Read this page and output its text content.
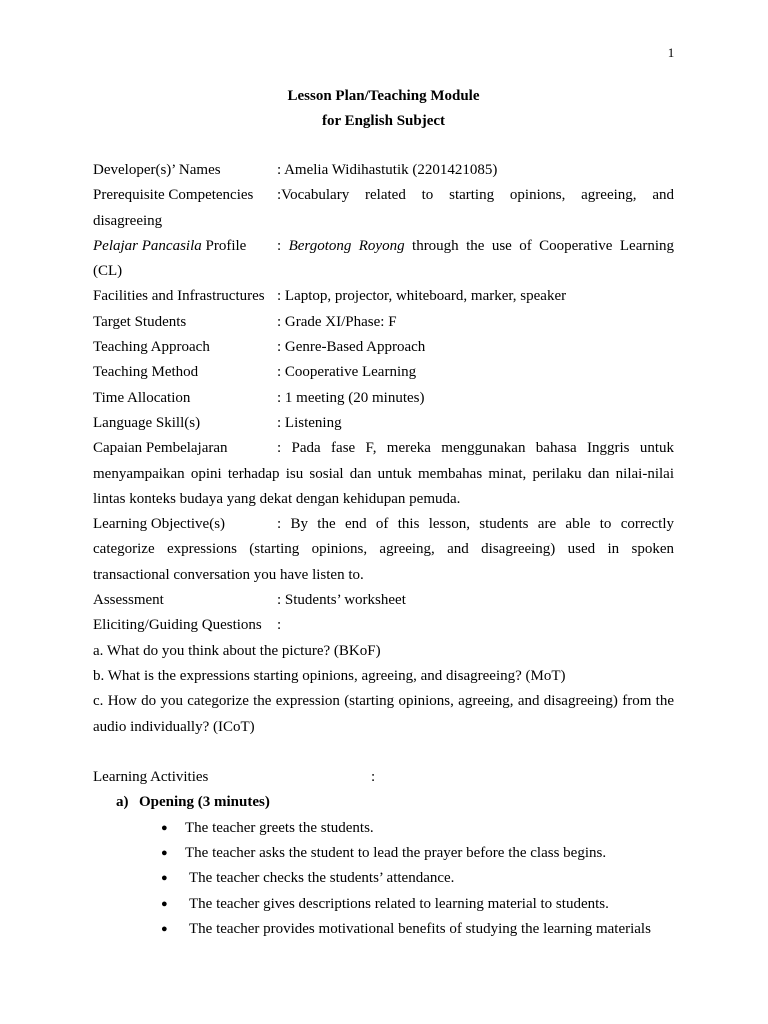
1
Lesson Plan/Teaching Module
for English Subject
Developer(s)’ Names	: Amelia Widihastutik (2201421085)
Prerequisite Competencies	:Vocabulary related to starting opinions, agreeing, and
disagreeing
Pelajar Pancasila Profile	: Bergotong Royong through the use of Cooperative Learning
(CL)
Facilities and Infrastructures : Laptop, projector, whiteboard, marker, speaker
Target Students	: Grade XI/Phase: F
Teaching Approach	: Genre-Based Approach
Teaching Method	: Cooperative Learning
Time Allocation	: 1 meeting (20 minutes)
Language Skill(s)	: Listening
Capaian Pembelajaran	: Pada fase F, mereka menggunakan bahasa Inggris untuk
menyampaikan opini terhadap isu sosial dan untuk membahas minat, perilaku dan nilai-nilai lintas konteks budaya yang dekat dengan kehidupan pemuda.
Learning Objective(s)	: By the end of this lesson, students are able to correctly
categorize expressions (starting opinions, agreeing, and disagreeing) used in spoken transactional conversation you have listen to.
Assessment	: Students’ worksheet
Eliciting/Guiding Questions	:
a. What do you think about the picture? (BKoF)
b. What is the expressions starting opinions, agreeing, and disagreeing? (MoT)
c. How do you categorize the expression (starting opinions, agreeing, and disagreeing) from the audio individually? (ICoT)
Learning Activities	:
a) Opening (3 minutes)
●	The teacher greets the students.
●	The teacher asks the student to lead the prayer before the class begins.
●	The teacher checks the students’ attendance.
●	The teacher gives descriptions related to learning material to students.
●	The teacher provides motivational benefits of studying the learning materials
